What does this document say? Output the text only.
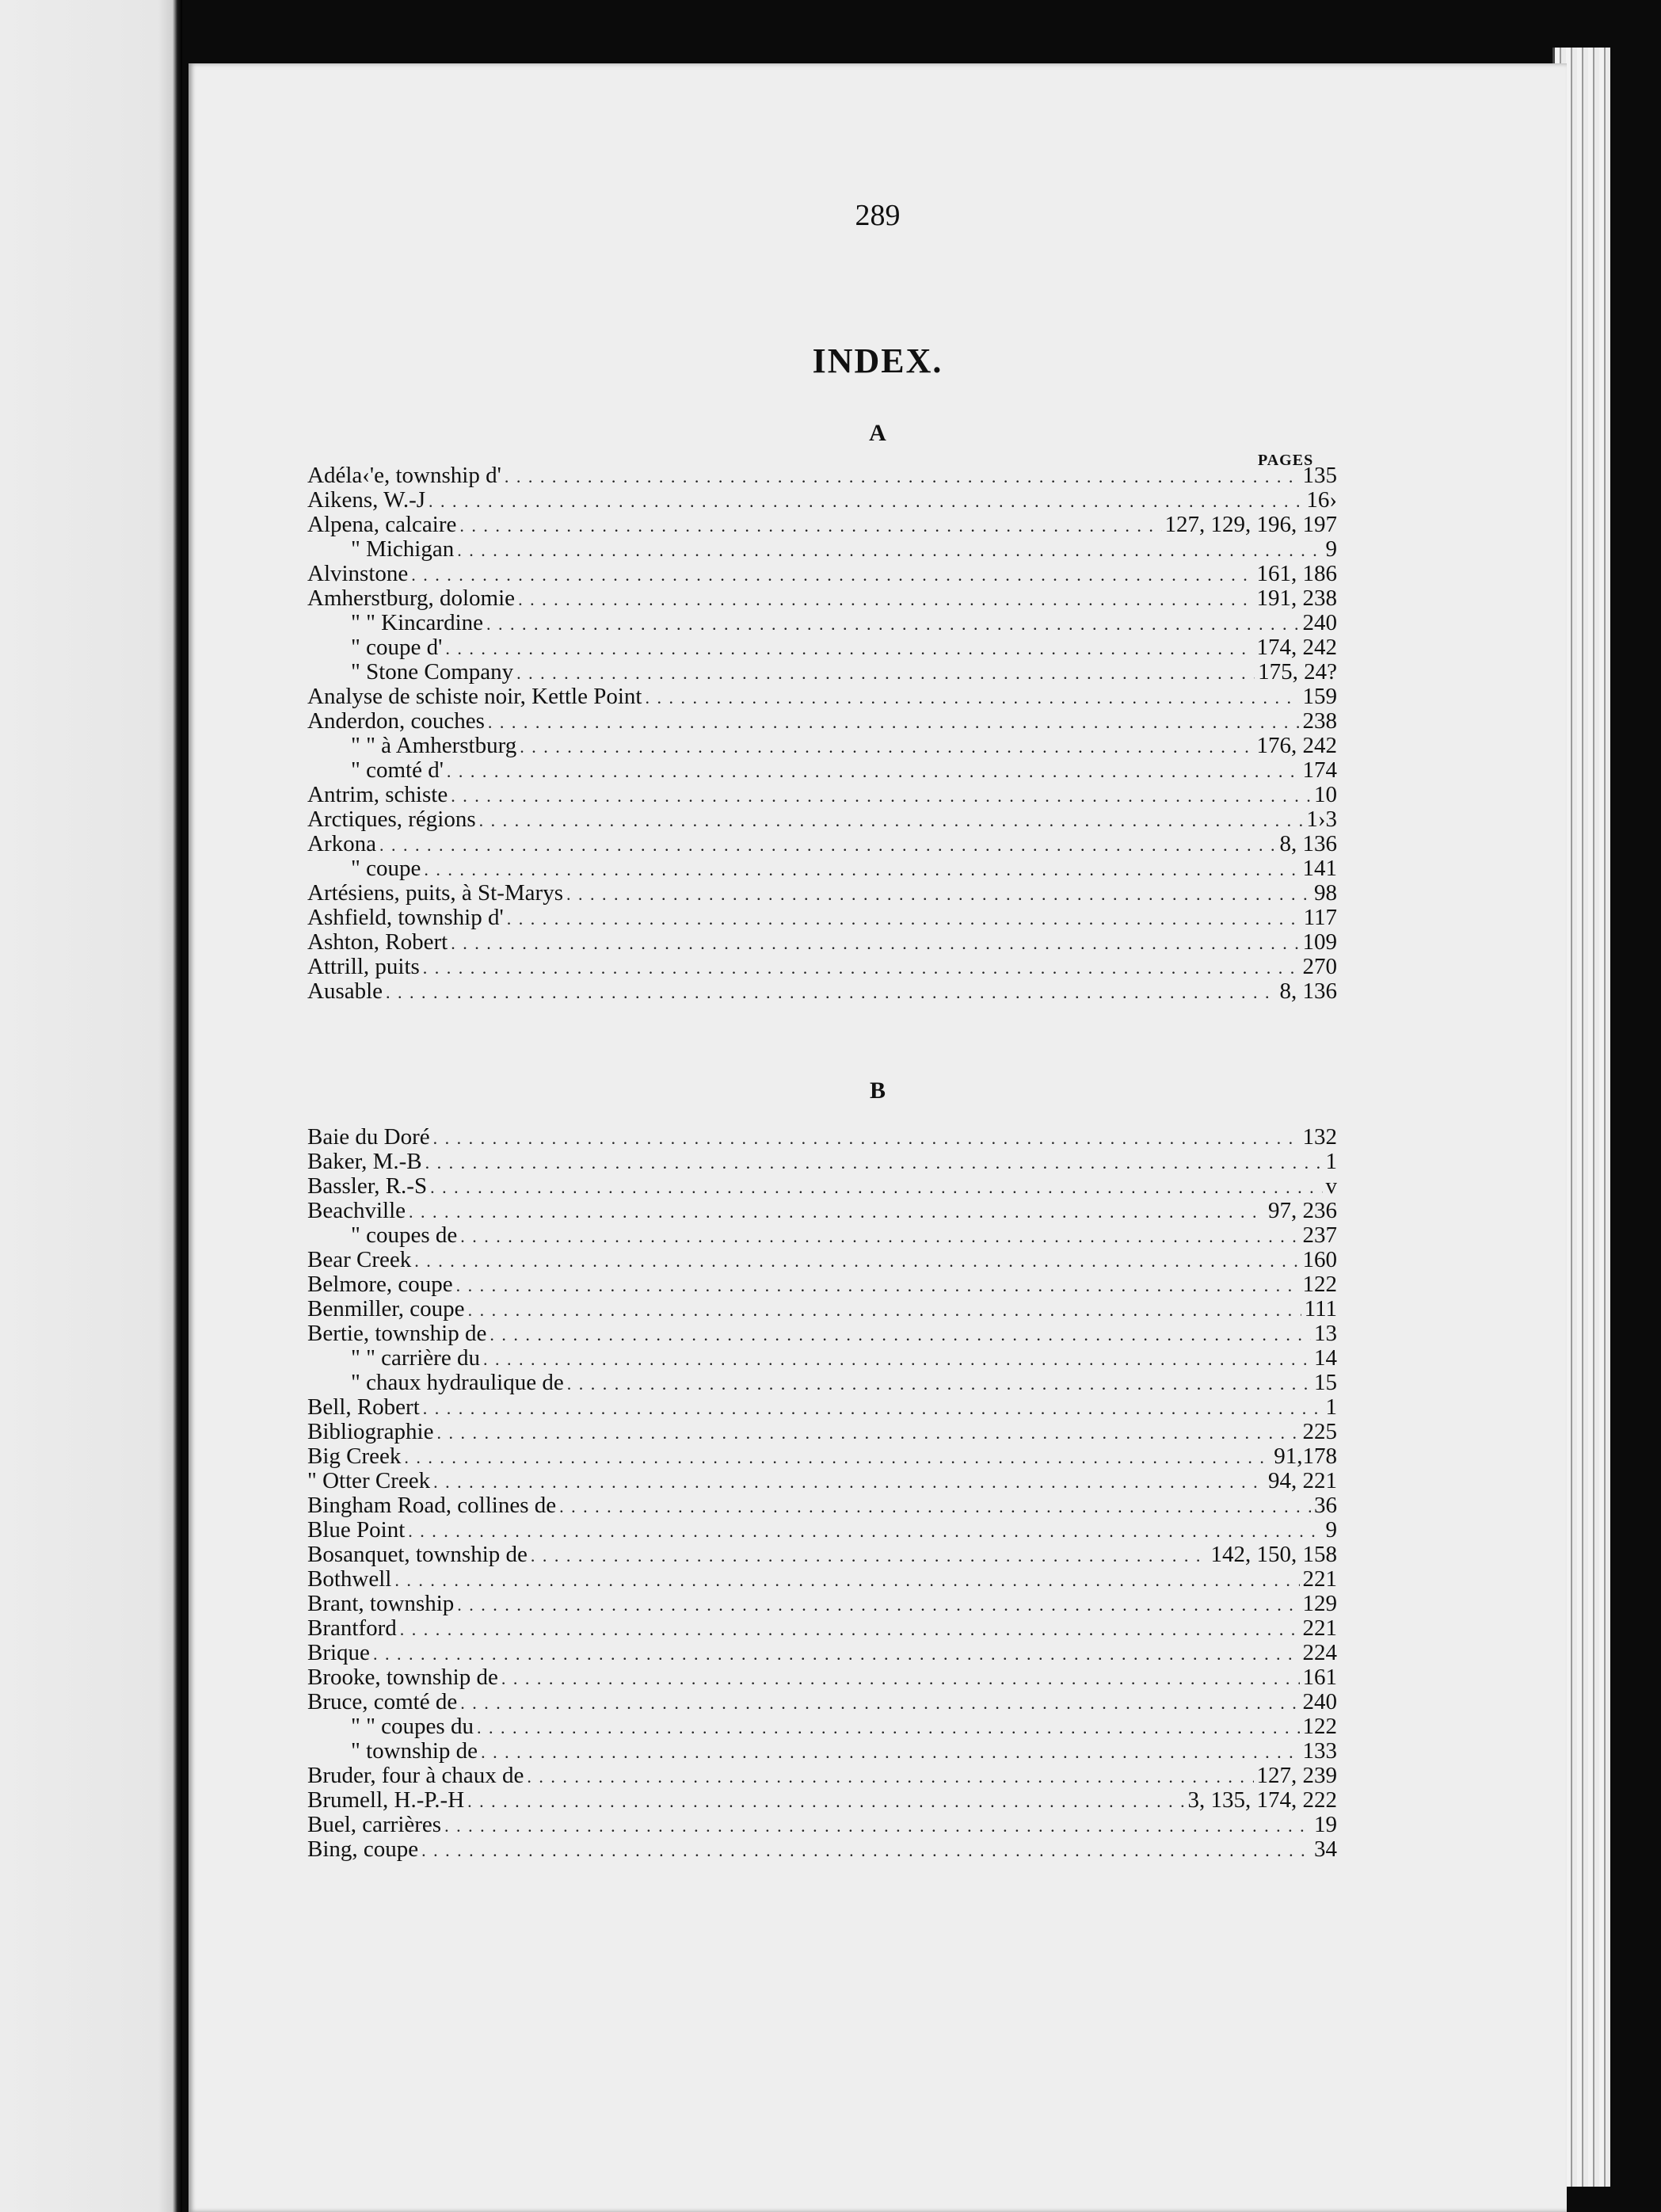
289
INDEX.
A
PAGES
Adéla‹'e, township d' . . .	135
Aikens, W.-J . . .	16›
Alpena, calcaire . . .	127, 129, 196, 197
" Michigan . . .	9
Alvinstone . . .	161, 186
Amherstburg, dolomie . . .	191, 238
" " Kincardine . . .	240
" coupe d' . . .	174, 242
" Stone Company . . .	175, 24?
Analyse de schiste noir, Kettle Point . . .	159
Anderdon, couches . . .	238
" " à Amherstburg . . .	176, 242
" comté d' . . .	174
Antrim, schiste . . .	10
Arctiques, régions . . .	1›3
Arkona . . .	8, 136
" coupe . . .	141
Artésiens, puits, à St-Marys . . .	98
Ashfield, township d' . . .	117
Ashton, Robert . . .	109
Attrill, puits . . .	270
Ausable . . .	8, 136
B
Baie du Doré . . .	132
Baker, M.-B . . .	1
Bassler, R.-S . . .	v
Beachville . . .	97, 236
" coupes de . . .	237
Bear Creek . . .	160
Belmore, coupe . . .	122
Benmiller, coupe . . .	111
Bertie, township de . . .	13
" " carrière du . . .	14
" chaux hydraulique de . . .	15
Bell, Robert . . .	1
Bibliographie . . .	225
Big Creek . . .	91,178
" Otter Creek . . .	94, 221
Bingham Road, collines de . . .	36
Blue Point . . .	9
Bosanquet, township de . . .	142, 150, 158
Bothwell . . .	221
Brant, township . . .	129
Brantford . . .	221
Brique . . .	224
Brooke, township de . . .	161
Bruce, comté de . . .	240
" " coupes du . . .	122
" township de . . .	133
Bruder, four à chaux de . . .	127, 239
Brumell, H.-P.-H . . .	3, 135, 174, 222
Buel, carrières . . .	19
Bing, coupe . . .	34
